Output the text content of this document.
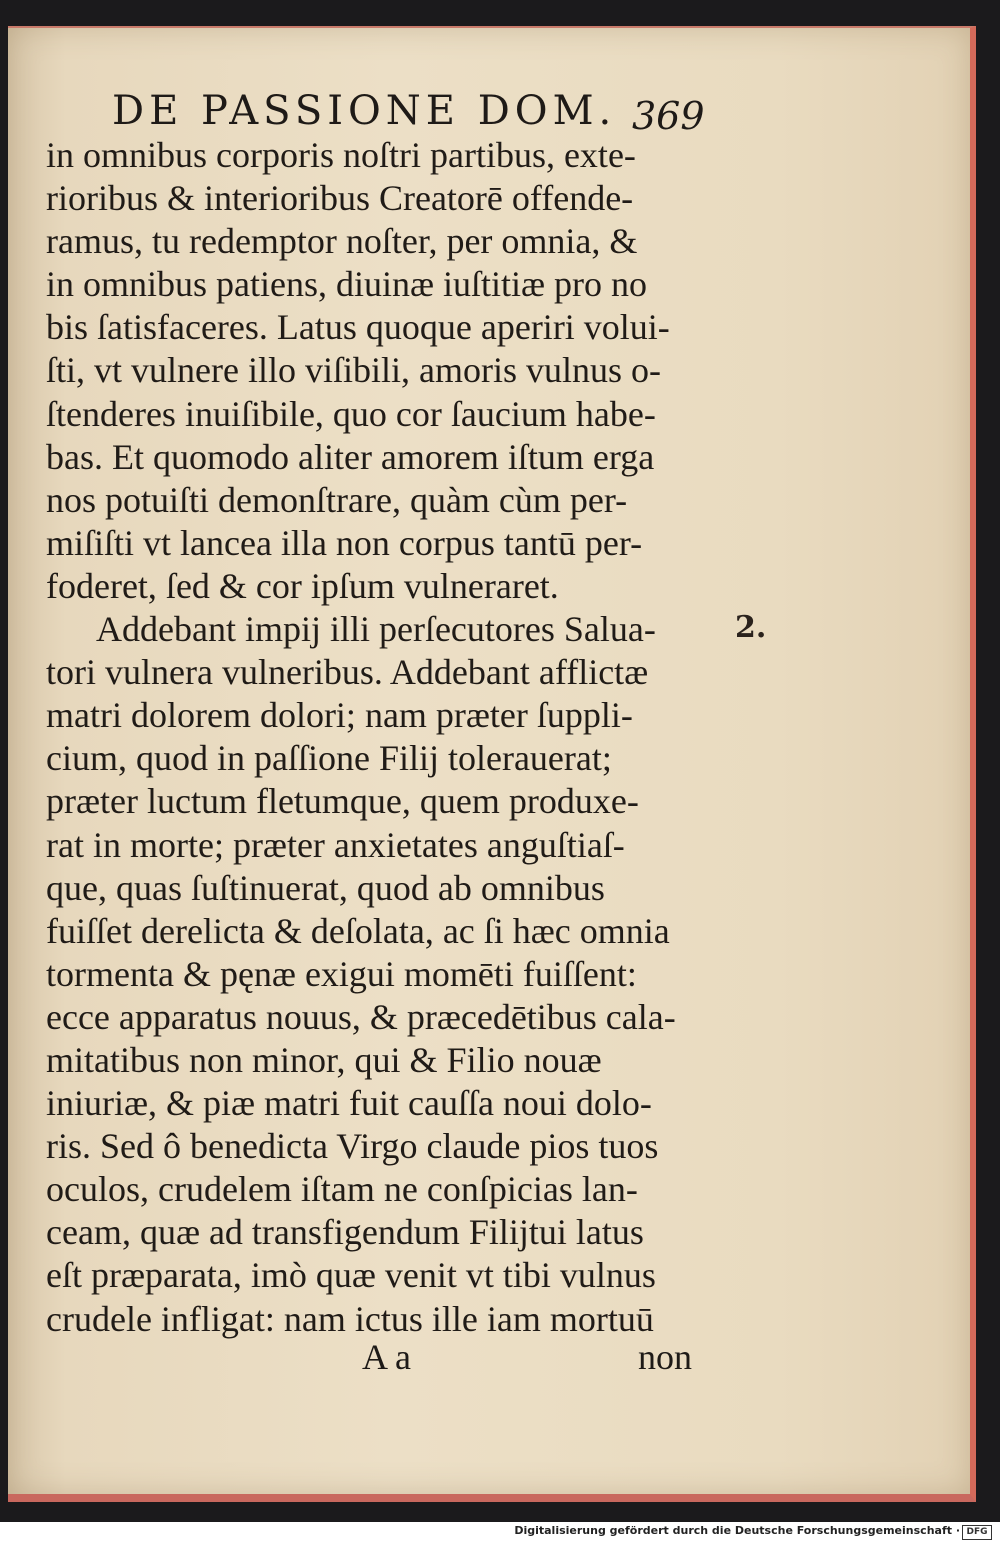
DE PASSIONE DOM. 369
in omnibus corporis noſtri partibus, exte-
rioribus & interioribus Creatorē offende-
ramus, tu redemptor noſter, per omnia, &
in omnibus patiens, diuinæ iuſtitiæ pro no
bis ſatisfaceres. Latus quoque aperiri volui-
ſti, vt vulnere illo viſibili, amoris vulnus o-
ſtenderes inuiſibile, quo cor ſaucium habe-
bas. Et quomodo aliter amorem iſtum erga
nos potuiſti demonſtrare, quàm cùm per-
miſiſti vt lancea illa non corpus tantū per-
foderet, ſed & cor ipſum vulneraret.
Addebant impij illi perſecutores Salua-
tori vulnera vulneribus. Addebant afflictæ
matri dolorem dolori; nam præter ſuppli-
cium, quod in paſſione Filij tolerauerat;
præter luctum fletumque, quem produxe-
rat in morte; præter anxietates anguſtiaſ-
que, quas ſuſtinuerat, quod ab omnibus
fuiſſet derelicta & deſolata, ac ſi hæc omnia
tormenta & pęnæ exigui momēti fuiſſent:
ecce apparatus nouus, & præcedētibus cala-
mitatibus non minor, qui & Filio nouæ
iniuriæ, & piæ matri fuit cauſſa noui dolo-
ris. Sed ô benedicta Virgo claude pios tuos
oculos, crudelem iſtam ne conſpicias lan-
ceam, quæ ad transfigendum Filijtui latus
eſt præparata, imò quæ venit vt tibi vulnus
crudele infligat: nam ictus ille iam mortuū
2.
A a	non
Digitalisierung gefördert durch die Deutsche Forschungsgemeinschaft · DFG
